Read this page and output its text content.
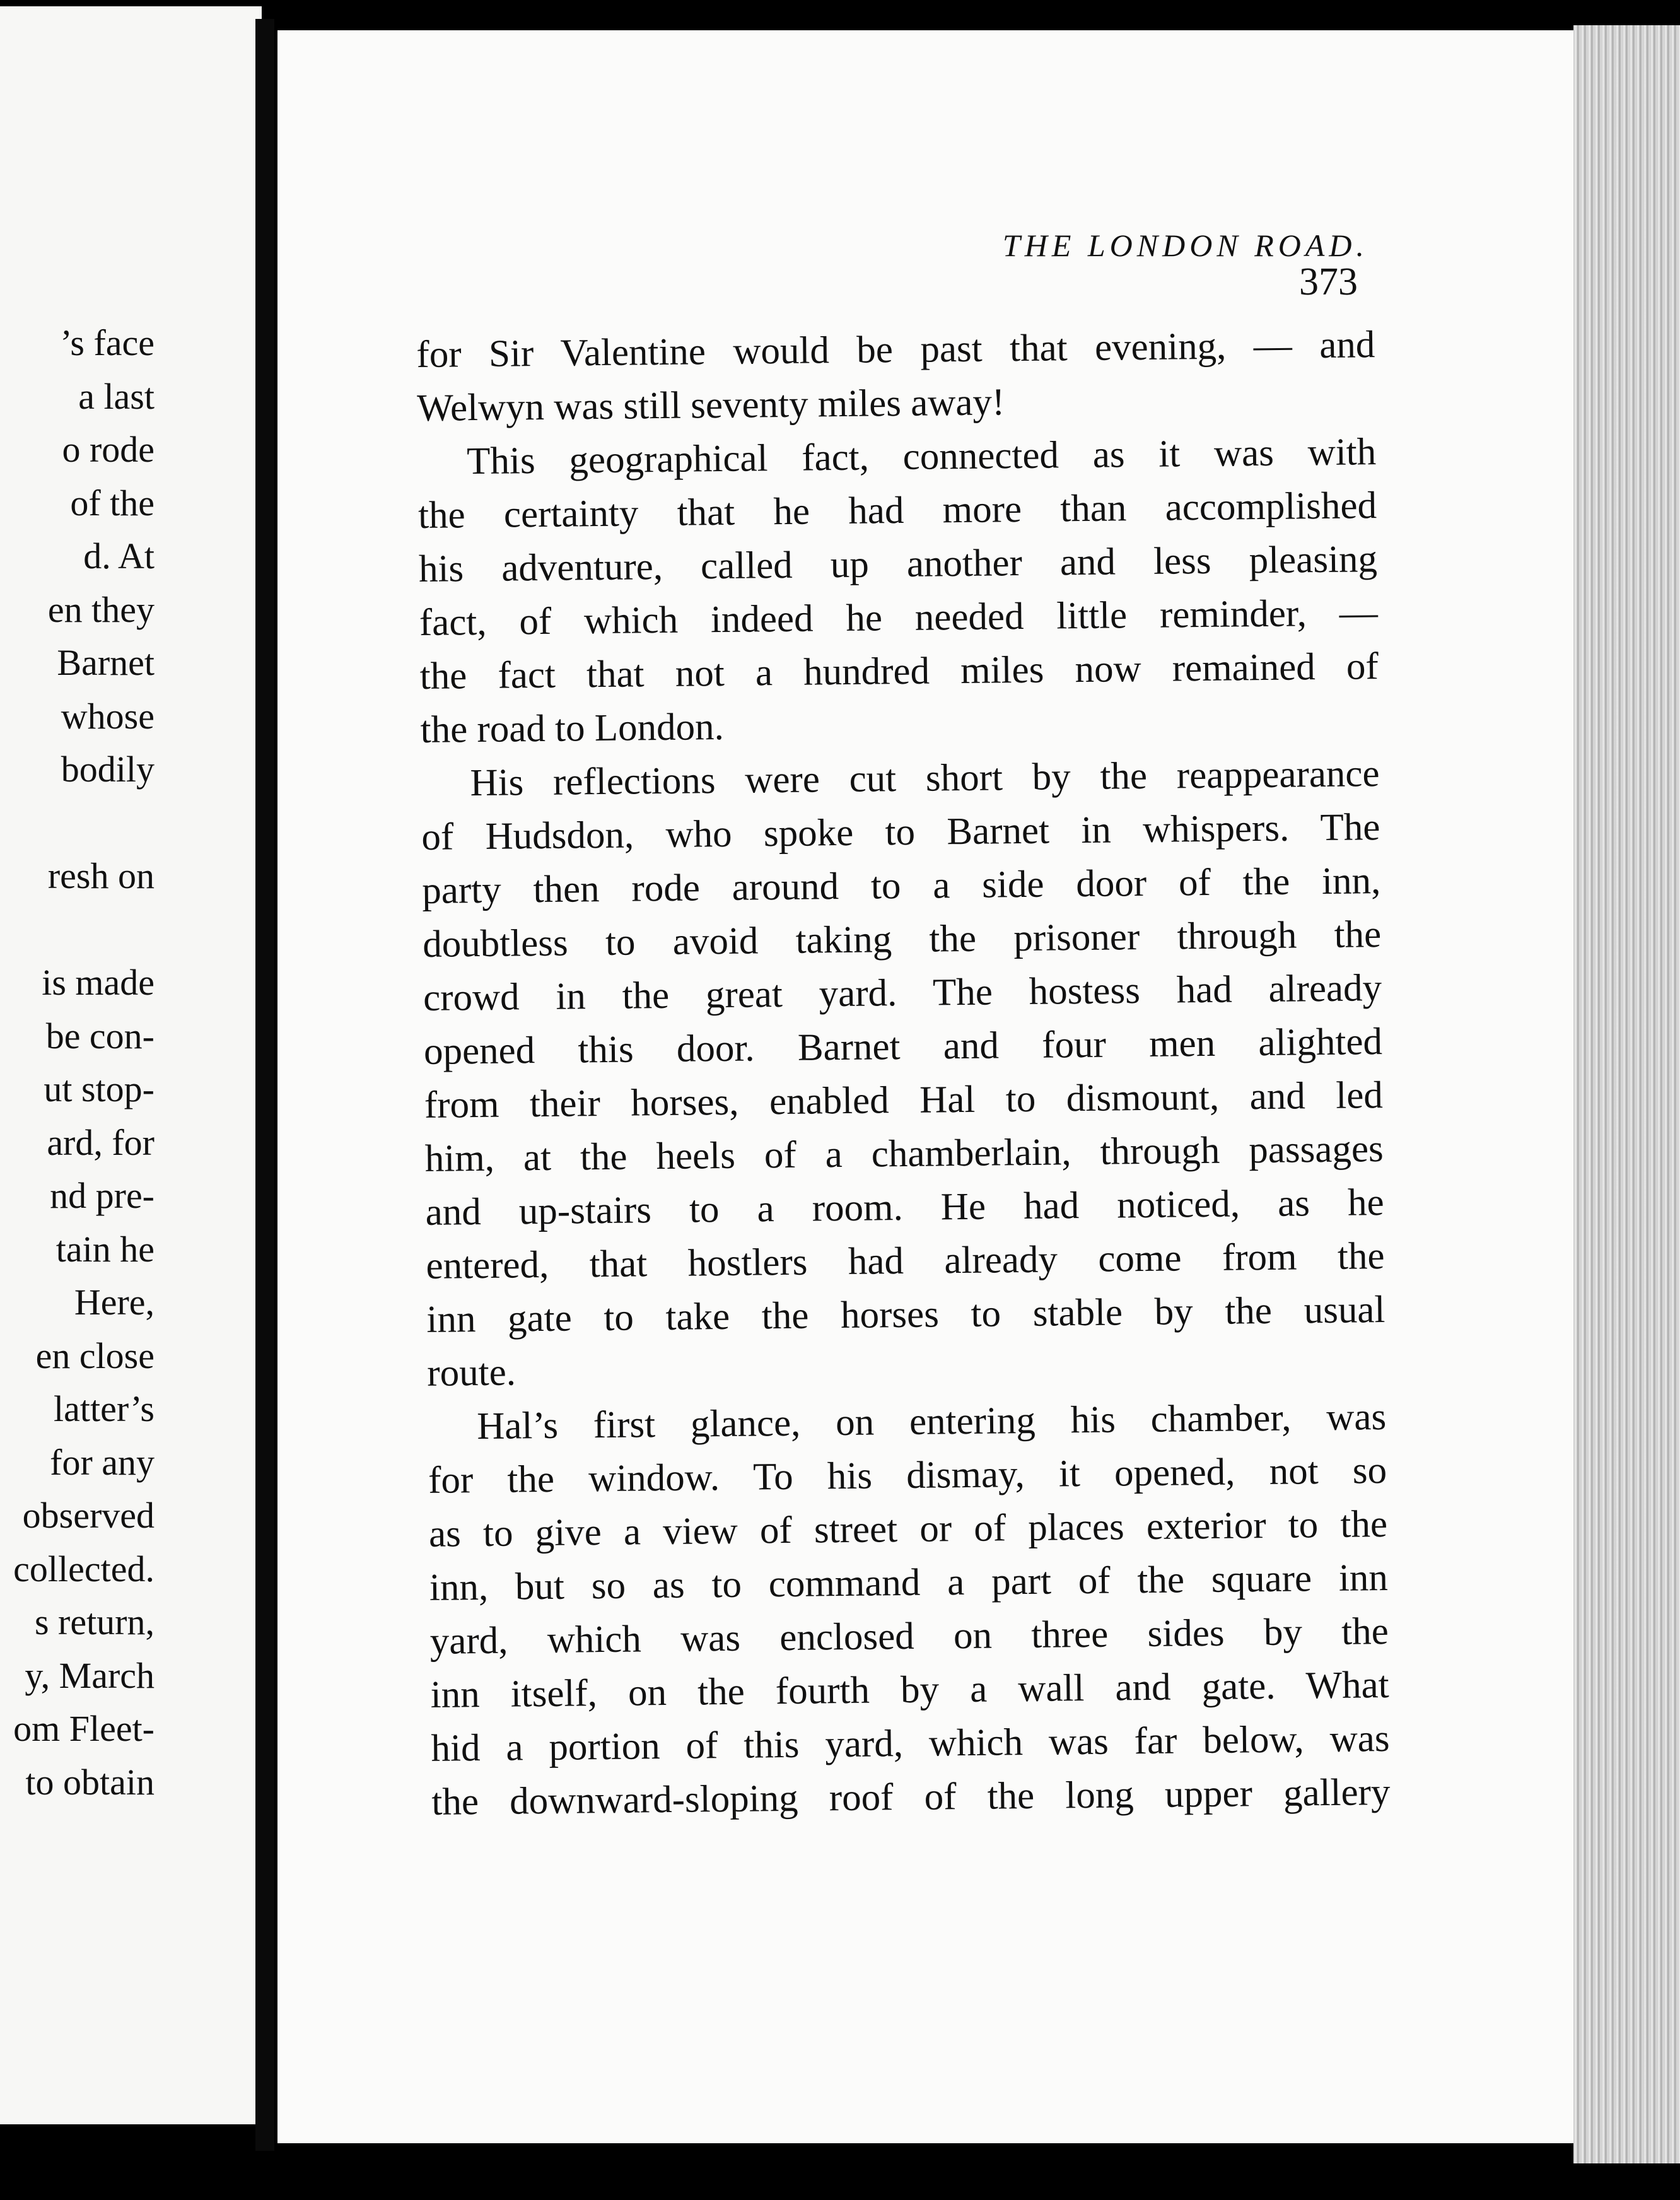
’s face
a last
o rode
of the
d. At
en they
Barnet
whose
bodily
resh on
is made
be con-
ut stop-
ard, for
nd pre-
tain he
Here,
en close
latter’s
for any
observed
collected.
s return,
y, March
om Fleet-
to obtain
THE LONDON ROAD.
373
for Sir Valentine would be past that evening, — and
Welwyn was still seventy miles away!
This geographical fact, connected as it was with
the certainty that he had more than accomplished
his adventure, called up another and less pleasing
fact, of which indeed he needed little reminder, —
the fact that not a hundred miles now remained of
the road to London.
His reflections were cut short by the reappearance
of Hudsdon, who spoke to Barnet in whispers. The
party then rode around to a side door of the inn,
doubtless to avoid taking the prisoner through the
crowd in the great yard. The hostess had already
opened this door. Barnet and four men alighted
from their horses, enabled Hal to dismount, and led
him, at the heels of a chamberlain, through passages
and up-stairs to a room. He had noticed, as he
entered, that hostlers had already come from the
inn gate to take the horses to stable by the usual
route.
Hal’s first glance, on entering his chamber, was
for the window. To his dismay, it opened, not so
as to give a view of street or of places exterior to the
inn, but so as to command a part of the square inn
yard, which was enclosed on three sides by the
inn itself, on the fourth by a wall and gate. What
hid a portion of this yard, which was far below, was
the downward-sloping roof of the long upper gallery
